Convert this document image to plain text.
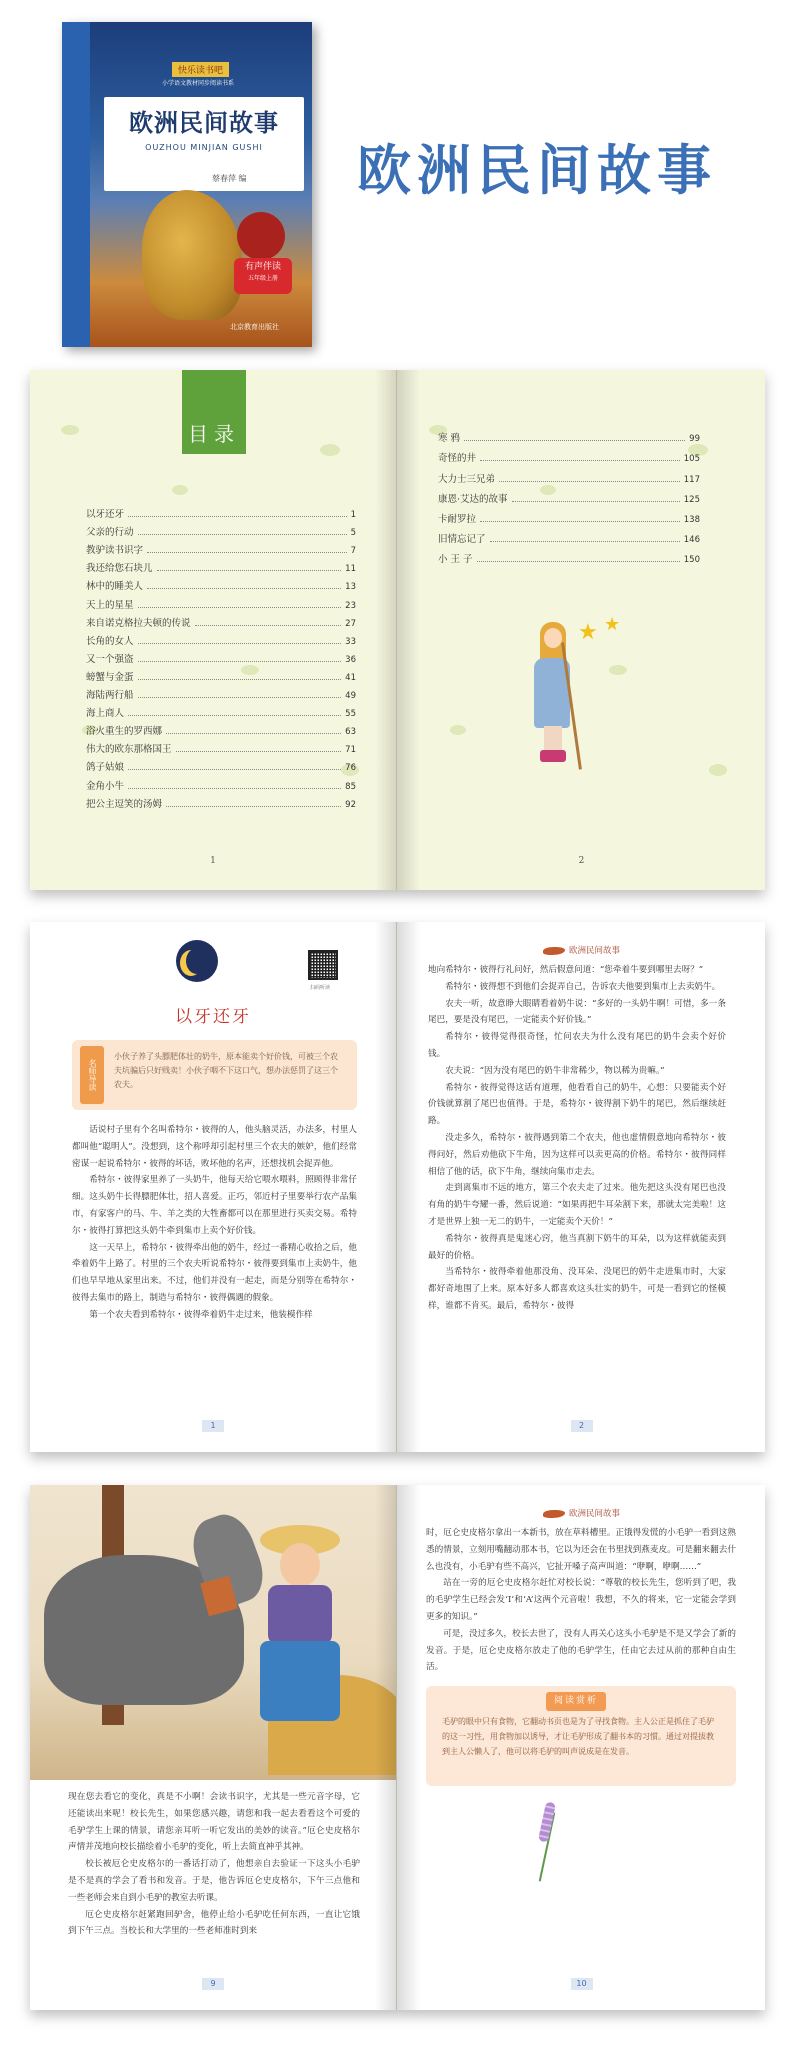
快乐读书吧
小学语文教材同步阅读书系
欧洲民间故事
OUZHOU MINJIAN GUSHI
蔡春萍 编
有声伴读
五年级上册
北京教育出版社
欧洲民间故事
目录
以牙还牙	1
父亲的行动	5
教驴读书识字	7
我还给您石块儿	11
林中的睡美人	13
天上的星星	23
来自诺克格拉夫顿的传说	27
长角的女人	33
又一个强盗	36
螃蟹与金蛋	41
海陆两行船	49
海上商人	55
浴火重生的罗西娜	63
伟大的欧东那格国王	71
鸽子姑娘	76
金角小牛	85
把公主逗笑的汤姆	92
1
寒 鸦	99
奇怪的井	105
大力士三兄弟	117
康恩·艾达的故事	125
卡耐罗拉	138
旧情忘记了	146
小 王 子	150
★ ★
2
扫码听读
以牙还牙
名师导读
小伙子养了头膘肥体壮的奶牛，原本能卖个好价钱，可被三个农夫坑骗后只好贱卖！小伙子咽不下这口气，想办法惩罚了这三个农夫。

话说村子里有个名叫希特尔・彼得的人，他头脑灵活，办法多，村里人都叫他“聪明人”。没想到，这个称呼却引起村里三个农夫的嫉妒，他们经常密谋一起说希特尔・彼得的坏话，败坏他的名声，还想找机会捉弄他。

希特尔・彼得家里养了一头奶牛，他每天给它喂水喂料，照顾得非常仔细。这头奶牛长得膘肥体壮，招人喜爱。正巧，邻近村子里要举行农产品集市，有家客户的马、牛、羊之类的大牲畜都可以在那里进行买卖交易。希特尔・彼得打算把这头奶牛牵到集市上卖个好价钱。

这一天早上，希特尔・彼得牵出他的奶牛，经过一番精心收拾之后，他牵着奶牛上路了。村里的三个农夫听说希特尔・彼得要到集市上卖奶牛，他们也早早地从家里出来。不过，他们并没有一起走，而是分别等在希特尔・彼得去集市的路上，制造与希特尔・彼得偶遇的假象。

第一个农夫看到希特尔・彼得牵着奶牛走过来，他装模作样

1
欧洲民间故事

地向希特尔・彼得行礼问好，然后假意问道：“您牵着牛要到哪里去呀？”

希特尔・彼得想不到他们会捉弄自己，告诉农夫他要到集市上去卖奶牛。

农夫一听，故意睁大眼睛看着奶牛说：“多好的一头奶牛啊！可惜，多一条尾巴，要是没有尾巴，一定能卖个好价钱。”

希特尔・彼得觉得很奇怪，忙问农夫为什么没有尾巴的奶牛会卖个好价钱。

农夫说：“因为没有尾巴的奶牛非常稀少，物以稀为贵嘛。”

希特尔・彼得觉得这话有道理，他看看自己的奶牛，心想：只要能卖个好价钱就算割了尾巴也值得。于是，希特尔・彼得割下奶牛的尾巴，然后继续赶路。

没走多久，希特尔・彼得遇到第二个农夫，他也虚情假意地向希特尔・彼得问好，然后劝他砍下牛角，因为这样可以卖更高的价格。希特尔・彼得同样相信了他的话，砍下牛角，继续向集市走去。

走到离集市不远的地方，第三个农夫走了过来。他先把这头没有尾巴也没有角的奶牛夸耀一番，然后说道：“如果再把牛耳朵割下来，那就太完美啦！这才是世界上独一无二的奶牛，一定能卖个天价！”

希特尔・彼得真是鬼迷心窍，他当真割下奶牛的耳朵，以为这样就能卖到最好的价格。

当希特尔・彼得牵着他那没角、没耳朵、没尾巴的奶牛走进集市时，大家都好奇地围了上来。原本好多人都喜欢这头壮实的奶牛，可是一看到它的怪模样，谁都不肯买。最后，希特尔・彼得

2

现在您去看它的变化，真是不小啊！会读书识字，尤其是一些元音字母，它还能读出来呢！校长先生，如果您感兴趣，请您和我一起去看看这个可爱的毛驴学生上课的情景，请您亲耳听一听它发出的美妙的读音。”厄仑史皮格尔声情并茂地向校长描绘着小毛驴的变化，听上去简直神乎其神。

校长被厄仑史皮格尔的一番话打动了，他想亲自去验证一下这头小毛驴是不是真的学会了看书和发音。于是，他告诉厄仑史皮格尔，下午三点他和一些老师会来自到小毛驴的教室去听课。

厄仑史皮格尔赶紧跑回驴舍，他停止给小毛驴吃任何东西，一直让它饿到下午三点。当校长和大学里的一些老师准时到来

9
欧洲民间故事

时，厄仑史皮格尔拿出一本新书，放在草料槽里。正饿得发慌的小毛驴一看到这熟悉的情景，立刻用嘴翻动那本书，它以为还会在书里找到燕麦皮。可是翻来翻去什么也没有，小毛驴有些不高兴，它扯开嗓子高声叫道：“咿啊，咿啊……”

站在一旁的厄仑史皮格尔赶忙对校长说：“尊敬的校长先生，您听到了吧，我的毛驴学生已经会发‘I’和‘A’这两个元音啦！我想，不久的将来，它一定能会学到更多的知识。”

可是，没过多久，校长去世了，没有人再关心这头小毛驴是不是又学会了新的发音。于是，厄仑史皮格尔放走了他的毛驴学生，任由它去过从前的那种自由生活。

阅读赏析
毛驴的眼中只有食物，它翻动书页也是为了寻找食物。主人公正是抓住了毛驴的这一习性，用食物加以诱导，才让毛驴形成了翻书本的习惯。通过对提拔教到主人公懒人了，他可以将毛驴的叫声说成是在发音。
10
